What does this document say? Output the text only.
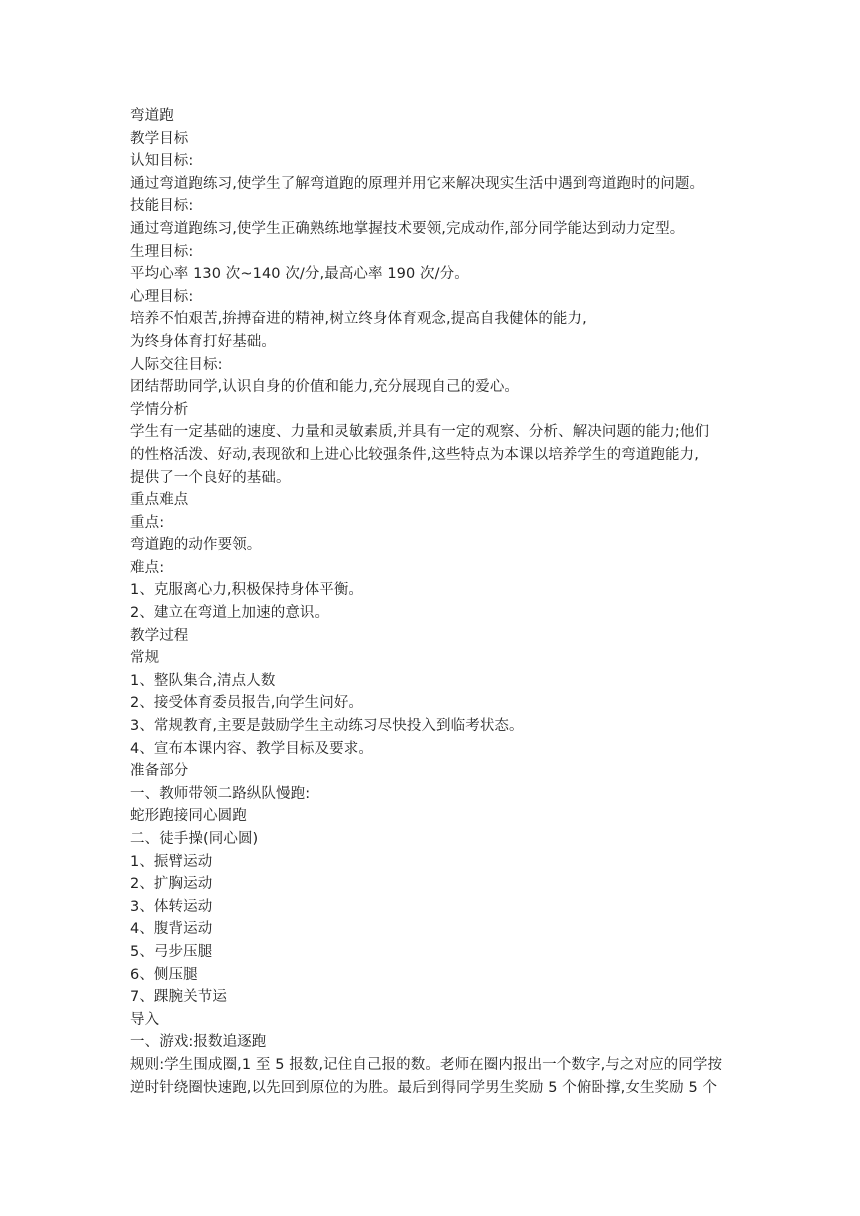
弯道跑
教学目标
认知目标:
通过弯道跑练习,使学生了解弯道跑的原理并用它来解决现实生活中遇到弯道跑时的问题。
技能目标:
通过弯道跑练习,使学生正确熟练地掌握技术要领,完成动作,部分同学能达到动力定型。
生理目标:
平均心率 130 次~140 次/分,最高心率 190 次/分。
心理目标:
培养不怕艰苦,拚搏奋进的精神,树立终身体育观念,提高自我健体的能力,
为终身体育打好基础。
人际交往目标:
团结帮助同学,认识自身的价值和能力,充分展现自己的爱心。
学情分析
学生有一定基础的速度、力量和灵敏素质,并具有一定的观察、分析、解决问题的能力;他们
的性格活泼、好动,表现欲和上进心比较强条件,这些特点为本课以培养学生的弯道跑能力,
提供了一个良好的基础。
重点难点
重点:
弯道跑的动作要领。
难点:
1、克服离心力,积极保持身体平衡。
2、建立在弯道上加速的意识。
教学过程
常规
1、整队集合,清点人数
2、接受体育委员报告,向学生问好。
3、常规教育,主要是鼓励学生主动练习尽快投入到临考状态。
4、宣布本课内容、教学目标及要求。
准备部分
一、教师带领二路纵队慢跑:
蛇形跑接同心圆跑
二、徒手操(同心圆)
1、振臂运动
2、扩胸运动
3、体转运动
4、腹背运动
5、弓步压腿
6、侧压腿
7、踝腕关节运
导入
一、游戏:报数追逐跑
规则:学生围成圈,1 至 5 报数,记住自己报的数。老师在圈内报出一个数字,与之对应的同学按
逆时针绕圈快速跑,以先回到原位的为胜。最后到得同学男生奖励 5 个俯卧撑,女生奖励 5 个
